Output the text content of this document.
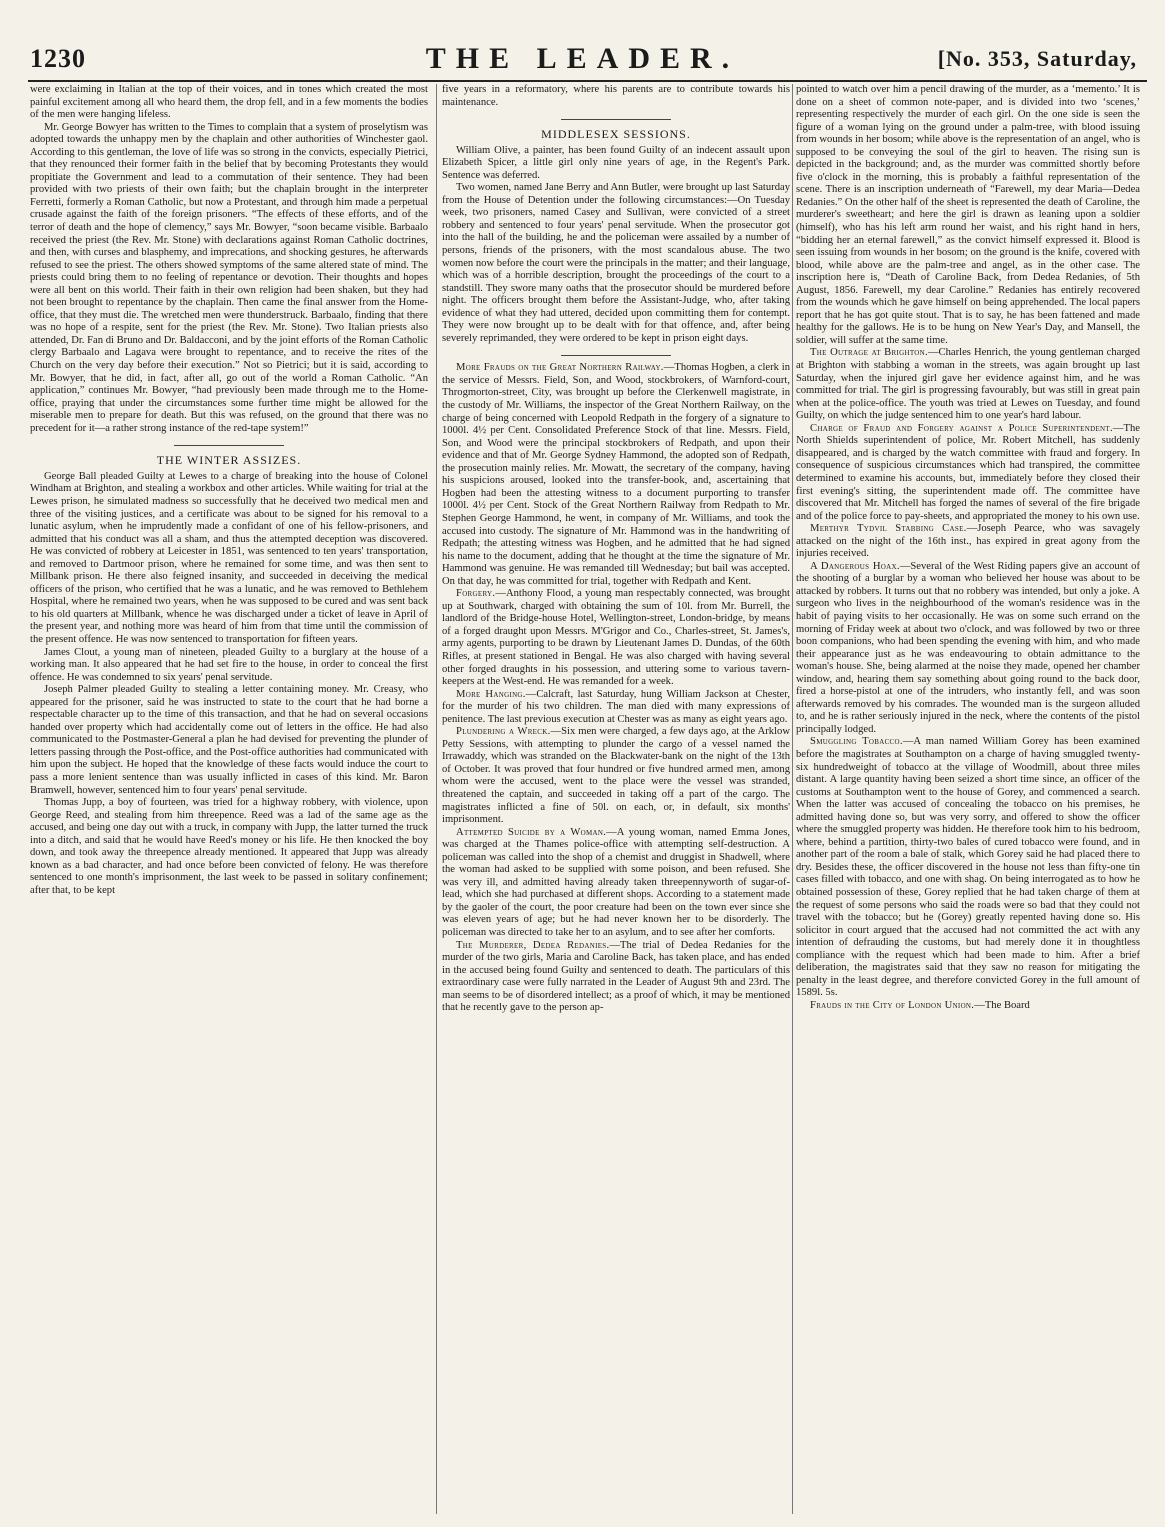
1230	THE LEADER.	[No. 353, Saturday,

were exclaiming in Italian at the top of their voices, and in tones which created the most painful excitement among all who heard them, the drop fell, and in a few moments the bodies of the men were hanging lifeless.

Mr. George Bowyer has written to the Times to complain that a system of proselytism was adopted towards the unhappy men by the chaplain and other authorities of Winchester gaol. According to this gentleman, the love of life was so strong in the convicts, especially Pietrici, that they renounced their former faith in the belief that by becoming Protestants they would propitiate the Government and lead to a commutation of their sentence. They had been provided with two priests of their own faith; but the chaplain brought in the interpreter Ferretti, formerly a Roman Catholic, but now a Protestant, and through him made a perpetual crusade against the faith of the foreign prisoners. “The effects of these efforts, and of the terror of death and the hope of clemency,” says Mr. Bowyer, “soon became visible. Barbaalo received the priest (the Rev. Mr. Stone) with declarations against Roman Catholic doctrines, and then, with curses and blasphemy, and imprecations, and shocking gestures, he afterwards refused to see the priest. The others showed symptoms of the same altered state of mind. The priests could bring them to no feeling of repentance or devotion. Their thoughts and hopes were all bent on this world. Their faith in their own religion had been shaken, but they had not been brought to repentance by the chaplain. Then came the final answer from the Home-office, that they must die. The wretched men were thunderstruck. Barbaalo, finding that there was no hope of a respite, sent for the priest (the Rev. Mr. Stone). Two Italian priests also attended, Dr. Fan di Bruno and Dr. Baldacconi, and by the joint efforts of the Roman Catholic clergy Barbaalo and Lagava were brought to repentance, and to receive the rites of the Church on the very day before their execution.” Not so Pietrici; but it is said, according to Mr. Bowyer, that he did, in fact, after all, go out of the world a Roman Catholic. “An application,” continues Mr. Bowyer, “had previously been made through me to the Home-office, praying that under the circumstances some further time might be allowed for the miserable men to prepare for death. But this was refused, on the ground that there was no precedent for it—a rather strong instance of the red-tape system!”

THE WINTER ASSIZES.

George Ball pleaded Guilty at Lewes to a charge of breaking into the house of Colonel Windham at Brighton, and stealing a workbox and other articles. While waiting for trial at the Lewes prison, he simulated madness so successfully that he deceived two medical men and three of the visiting justices, and a certificate was about to be signed for his removal to a lunatic asylum, when he imprudently made a confidant of one of his fellow-prisoners, and admitted that his conduct was all a sham, and thus the attempted deception was discovered. He was convicted of robbery at Leicester in 1851, was sentenced to ten years' transportation, and removed to Dartmoor prison, where he remained for some time, and was then sent to Millbank prison. He there also feigned insanity, and succeeded in deceiving the medical officers of the prison, who certified that he was a lunatic, and he was removed to Bethlehem Hospital, where he remained two years, when he was supposed to be cured and was sent back to his old quarters at Millbank, whence he was discharged under a ticket of leave in April of the present year, and nothing more was heard of him from that time until the commission of the present offence. He was now sentenced to transportation for fifteen years.

James Clout, a young man of nineteen, pleaded Guilty to a burglary at the house of a working man. It also appeared that he had set fire to the house, in order to conceal the first offence. He was condemned to six years' penal servitude.

Joseph Palmer pleaded Guilty to stealing a letter containing money. Mr. Creasy, who appeared for the prisoner, said he was instructed to state to the court that he had borne a respectable character up to the time of this transaction, and that he had on several occasions handed over property which had accidentally come out of letters in the office. He had also communicated to the Postmaster-General a plan he had devised for preventing the plunder of letters passing through the Post-office, and the Post-office authorities had communicated with him upon the subject. He hoped that the knowledge of these facts would induce the court to pass a more lenient sentence than was usually inflicted in cases of this kind. Mr. Baron Bramwell, however, sentenced him to four years' penal servitude.

Thomas Jupp, a boy of fourteen, was tried for a highway robbery, with violence, upon George Reed, and stealing from him threepence. Reed was a lad of the same age as the accused, and being one day out with a truck, in company with Jupp, the latter turned the truck into a ditch, and said that he would have Reed's money or his life. He then knocked the boy down, and took away the threepence already mentioned. It appeared that Jupp was already known as a bad character, and had once before been convicted of felony. He was therefore sentenced to one month's imprisonment, the last week to be passed in solitary confinement; after that, to be kept

five years in a reformatory, where his parents are to contribute towards his maintenance.

MIDDLESEX SESSIONS.

William Olive, a painter, has been found Guilty of an indecent assault upon Elizabeth Spicer, a little girl only nine years of age, in the Regent's Park. Sentence was deferred.

Two women, named Jane Berry and Ann Butler, were brought up last Saturday from the House of Detention under the following circumstances:—On Tuesday week, two prisoners, named Casey and Sullivan, were convicted of a street robbery and sentenced to four years' penal servitude. When the prosecutor got into the hall of the building, he and the policeman were assailed by a number of persons, friends of the prisoners, with the most scandalous abuse. The two women now before the court were the principals in the matter; and their language, which was of a horrible description, brought the proceedings of the court to a standstill. They swore many oaths that the prosecutor should be murdered before night. The officers brought them before the Assistant-Judge, who, after taking evidence of what they had uttered, decided upon committing them for contempt. They were now brought up to be dealt with for that offence, and, after being severely reprimanded, they were ordered to be kept in prison eight days.

More Frauds on the Great Northern Railway.—Thomas Hogben, a clerk in the service of Messrs. Field, Son, and Wood, stockbrokers, of Warnford-court, Throgmorton-street, City, was brought up before the Clerkenwell magistrate, in the custody of Mr. Williams, the inspector of the Great Northern Railway, on the charge of being concerned with Leopold Redpath in the forgery of a signature to 1000l. 4½ per Cent. Consolidated Preference Stock of that line. Messrs. Field, Son, and Wood were the principal stockbrokers of Redpath, and upon their evidence and that of Mr. George Sydney Hammond, the adopted son of Redpath, the prosecution mainly relies. Mr. Mowatt, the secretary of the company, having his suspicions aroused, looked into the transfer-book, and, ascertaining that Hogben had been the attesting witness to a document purporting to transfer 1000l. 4½ per Cent. Stock of the Great Northern Railway from Redpath to Mr. Stephen George Hammond, he went, in company of Mr. Williams, and took the accused into custody. The signature of Mr. Hammond was in the handwriting of Redpath; the attesting witness was Hogben, and he admitted that he had signed his name to the document, adding that he thought at the time the signature of Mr. Hammond was genuine. He was remanded till Wednesday; but bail was accepted. On that day, he was committed for trial, together with Redpath and Kent.

Forgery.—Anthony Flood, a young man respectably connected, was brought up at Southwark, charged with obtaining the sum of 10l. from Mr. Burrell, the landlord of the Bridge-house Hotel, Wellington-street, London-bridge, by means of a forged draught upon Messrs. M'Grigor and Co., Charles-street, St. James's, army agents, purporting to be drawn by Lieutenant James D. Dundas, of the 60th Rifles, at present stationed in Bengal. He was also charged with having several other forged draughts in his possession, and uttering some to various tavern-keepers at the West-end. He was remanded for a week.

More Hanging.—Calcraft, last Saturday, hung William Jackson at Chester, for the murder of his two children. The man died with many expressions of penitence. The last previous execution at Chester was as many as eight years ago.

Plundering a Wreck.—Six men were charged, a few days ago, at the Arklow Petty Sessions, with attempting to plunder the cargo of a vessel named the Irrawaddy, which was stranded on the Blackwater-bank on the night of the 13th of October. It was proved that four hundred or five hundred armed men, among whom were the accused, went to the place were the vessel was stranded, threatened the captain, and succeeded in taking off a part of the cargo. The magistrates inflicted a fine of 50l. on each, or, in default, six months' imprisonment.

Attempted Suicide by a Woman.—A young woman, named Emma Jones, was charged at the Thames police-office with attempting self-destruction. A policeman was called into the shop of a chemist and druggist in Shadwell, where the woman had asked to be supplied with some poison, and been refused. She was very ill, and admitted having already taken threepennyworth of sugar-of-lead, which she had purchased at different shops. According to a statement made by the gaoler of the court, the poor creature had been on the town ever since she was eleven years of age; but he had never known her to be disorderly. The policeman was directed to take her to an asylum, and to see after her comforts.

The Murderer, Dedea Redanies.—The trial of Dedea Redanies for the murder of the two girls, Maria and Caroline Back, has taken place, and has ended in the accused being found Guilty and sentenced to death. The particulars of this extraordinary case were fully narrated in the Leader of August 9th and 23rd. The man seems to be of disordered intellect; as a proof of which, it may be mentioned that he recently gave to the person ap-

pointed to watch over him a pencil drawing of the murder, as a ‘memento.’ It is done on a sheet of common note-paper, and is divided into two ‘scenes,’ representing respectively the murder of each girl. On the one side is seen the figure of a woman lying on the ground under a palm-tree, with blood issuing from wounds in her bosom; while above is the representation of an angel, who is supposed to be conveying the soul of the girl to heaven. The rising sun is depicted in the background; and, as the murder was committed shortly before five o'clock in the morning, this is probably a faithful representation of the scene. There is an inscription underneath of “Farewell, my dear Maria—Dedea Redanies.” On the other half of the sheet is represented the death of Caroline, the murderer's sweetheart; and here the girl is drawn as leaning upon a soldier (himself), who has his left arm round her waist, and his right hand in hers, “bidding her an eternal farewell,” as the convict himself expressed it. Blood is seen issuing from wounds in her bosom; on the ground is the knife, covered with blood, while above are the palm-tree and angel, as in the other case. The inscription here is, “Death of Caroline Back, from Dedea Redanies, of 5th August, 1856. Farewell, my dear Caroline.” Redanies has entirely recovered from the wounds which he gave himself on being apprehended. The local papers report that he has got quite stout. That is to say, he has been fattened and made healthy for the gallows. He is to be hung on New Year's Day, and Mansell, the soldier, will suffer at the same time.

The Outrage at Brighton.—Charles Henrich, the young gentleman charged at Brighton with stabbing a woman in the streets, was again brought up last Saturday, when the injured girl gave her evidence against him, and he was committed for trial. The girl is progressing favourably, but was still in great pain when at the police-office. The youth was tried at Lewes on Tuesday, and found Guilty, on which the judge sentenced him to one year's hard labour.

Charge of Fraud and Forgery against a Police Superintendent.—The North Shields superintendent of police, Mr. Robert Mitchell, has suddenly disappeared, and is charged by the watch committee with fraud and forgery. In consequence of suspicious circumstances which had transpired, the committee determined to examine his accounts, but, immediately before they closed their first evening's sitting, the superintendent made off. The committee have discovered that Mr. Mitchell has forged the names of several of the fire brigade and of the police force to pay-sheets, and appropriated the money to his own use.

Merthyr Tydvil Stabbing Case.—Joseph Pearce, who was savagely attacked on the night of the 16th inst., has expired in great agony from the injuries received.

A Dangerous Hoax.—Several of the West Riding papers give an account of the shooting of a burglar by a woman who believed her house was about to be attacked by robbers. It turns out that no robbery was intended, but only a joke. A surgeon who lives in the neighbourhood of the woman's residence was in the habit of paying visits to her occasionally. He was on some such errand on the morning of Friday week at about two o'clock, and was followed by two or three boon companions, who had been spending the evening with him, and who made their appearance just as he was endeavouring to obtain admittance to the woman's house. She, being alarmed at the noise they made, opened her chamber window, and, hearing them say something about going round to the back door, fired a horse-pistol at one of the intruders, who instantly fell, and was soon afterwards removed by his comrades. The wounded man is the surgeon alluded to, and he is rather seriously injured in the neck, where the contents of the pistol principally lodged.

Smuggling Tobacco.—A man named William Gorey has been examined before the magistrates at Southampton on a charge of having smuggled twenty-six hundredweight of tobacco at the village of Woodmill, about three miles distant. A large quantity having been seized a short time since, an officer of the customs at Southampton went to the house of Gorey, and commenced a search. When the latter was accused of concealing the tobacco on his premises, he admitted having done so, but was very sorry, and offered to show the officer where the smuggled property was hidden. He therefore took him to his bedroom, where, behind a partition, thirty-two bales of cured tobacco were found, and in another part of the room a bale of stalk, which Gorey said he had placed there to dry. Besides these, the officer discovered in the house not less than fifty-one tin cases filled with tobacco, and one with shag. On being interrogated as to how he obtained possession of these, Gorey replied that he had taken charge of them at the request of some persons who said the roads were so bad that they could not travel with the tobacco; but he (Gorey) greatly repented having done so. His solicitor in court argued that the accused had not committed the act with any intention of defrauding the customs, but had merely done it in thoughtless compliance with the request which had been made to him. After a brief deliberation, the magistrates said that they saw no reason for mitigating the penalty in the least degree, and therefore convicted Gorey in the full amount of 1589l. 5s.

Frauds in the City of London Union.—The Board
